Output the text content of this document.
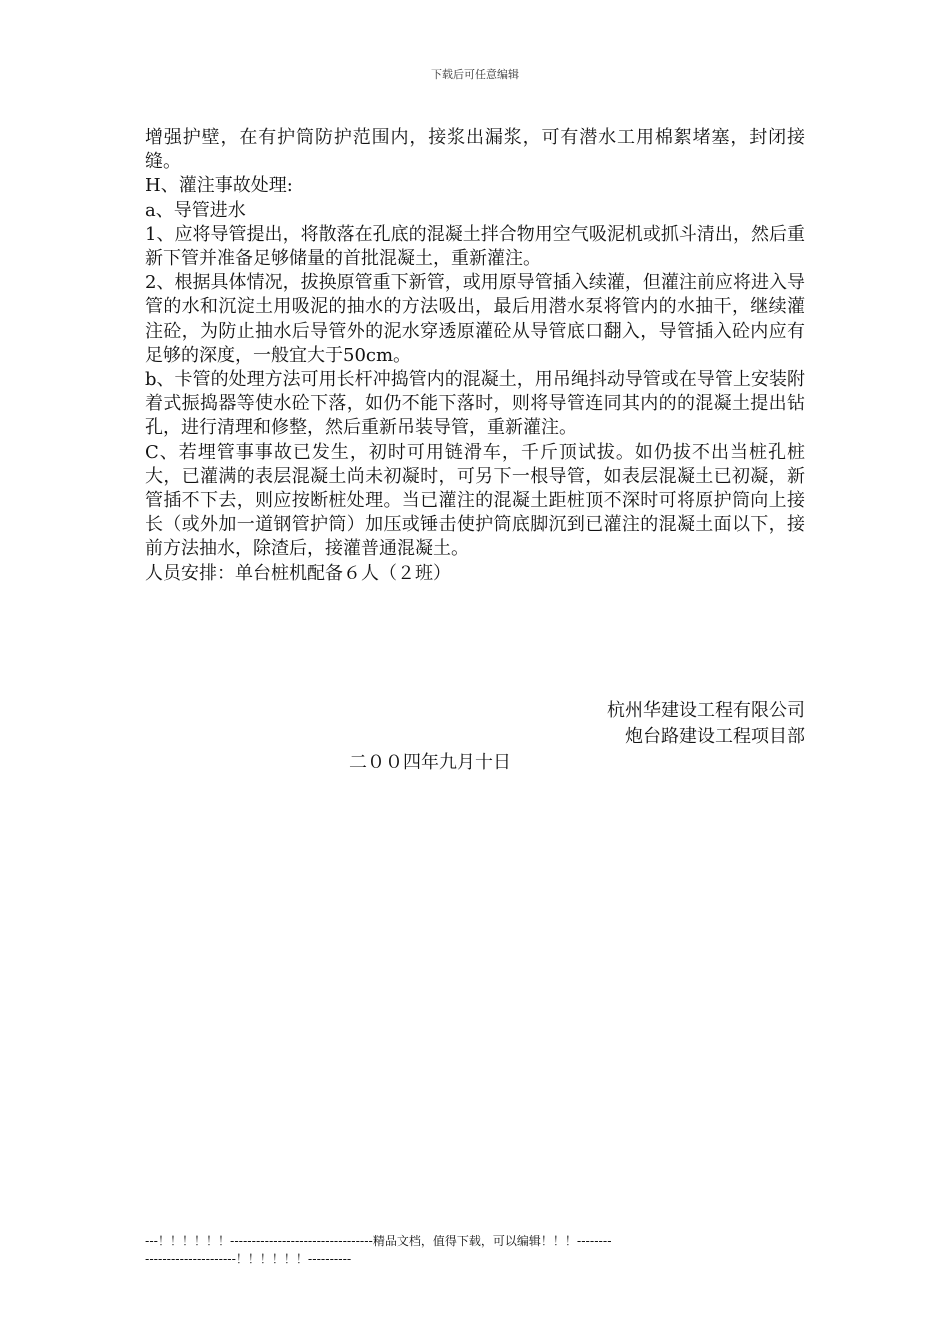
下载后可任意编辑

增强护壁，在有护筒防护范围内，接浆出漏浆，可有潜水工用棉絮堵塞，封闭接缝。

H、灌注事故处理:

a、导管进水

1、应将导管提出，将散落在孔底的混凝土拌合物用空气吸泥机或抓斗清出，然后重新下管并准备足够储量的首批混凝土，重新灌注。

2、根据具体情况，拔换原管重下新管，或用原导管插入续灌，但灌注前应将进入导管的水和沉淀土用吸泥的抽水的方法吸出，最后用潜水泵将管内的水抽干，继续灌注砼，为防止抽水后导管外的泥水穿透原灌砼从导管底口翻入，导管插入砼内应有足够的深度，一般宜大于50cm。

b、卡管的处理方法可用长杆冲捣管内的混凝土，用吊绳抖动导管或在导管上安装附着式振捣器等使水砼下落，如仍不能下落时，则将导管连同其内的的混凝土提出钻孔，进行清理和修整，然后重新吊装导管，重新灌注。

C、若埋管事事故已发生，初时可用链滑车，千斤顶试拔。如仍拔不出当桩孔桩大，已灌满的表层混凝土尚未初凝时，可另下一根导管，如表层混凝土已初凝，新管插不下去，则应按断桩处理。当已灌注的混凝土距桩顶不深时可将原护筒向上接长（或外加一道钢管护筒）加压或锤击使护筒底脚沉到已灌注的混凝土面以下，接前方法抽水，除渣后，接灌普通混凝土。

人员安排：单台桩机配备６人（２班）

杭州华建设工程有限公司
炮台路建设工程项目部
二００四年九月十日
---！！！！！！---------------------------------精品文档，值得下载，可以编辑！！！-----------------------------！！！！！！----------
